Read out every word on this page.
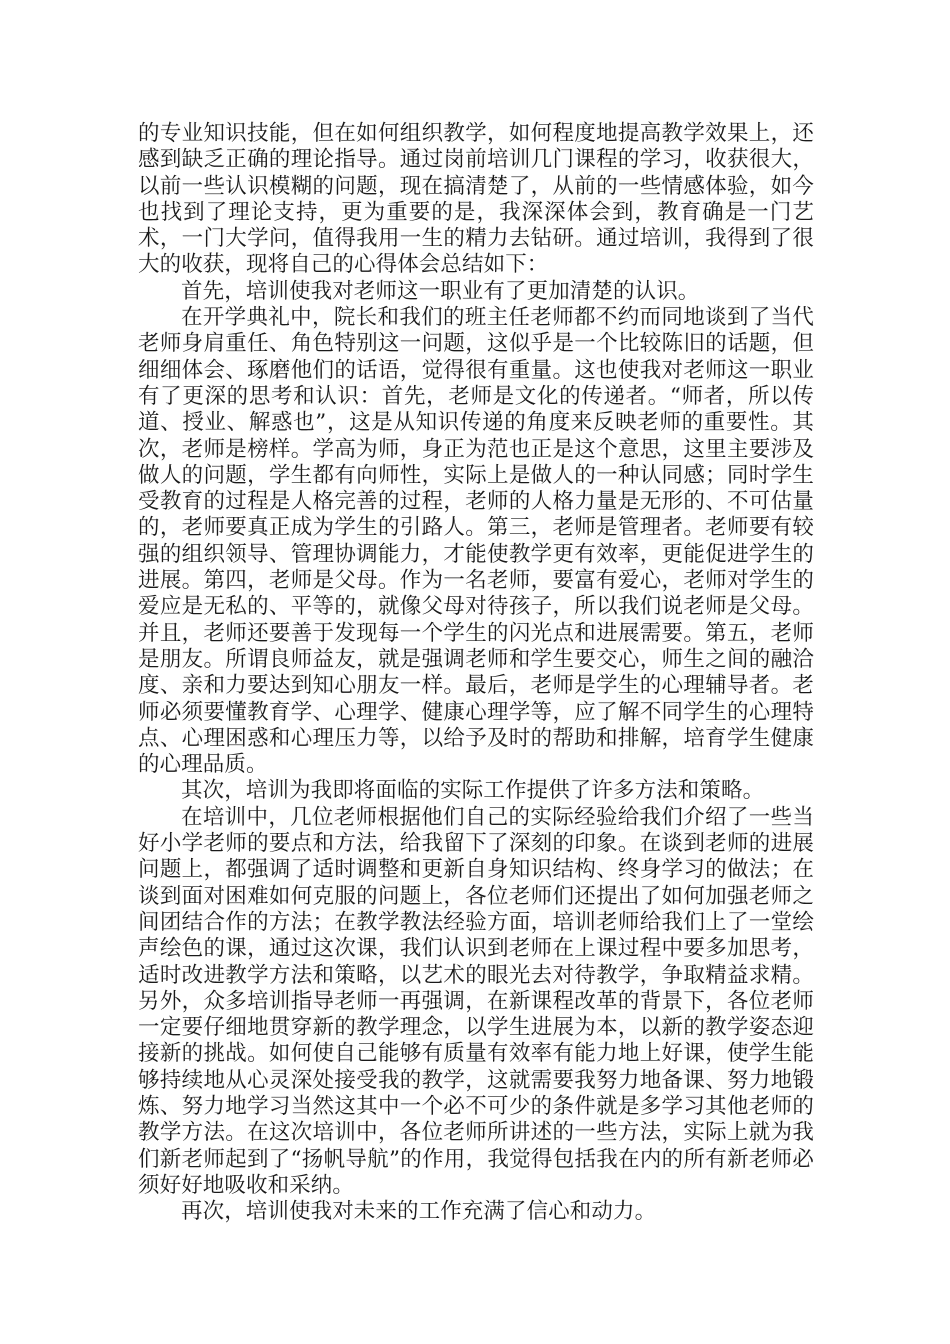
的专业知识技能，但在如何组织教学，如何程度地提高教学效果上，还感到缺乏正确的理论指导。通过岗前培训几门课程的学习，收获很大，以前一些认识模糊的问题，现在搞清楚了，从前的一些情感体验，如今也找到了理论支持，更为重要的是，我深深体会到，教育确是一门艺术，一门大学问，值得我用一生的精力去钻研。通过培训，我得到了很大的收获，现将自己的心得体会总结如下：

首先，培训使我对老师这一职业有了更加清楚的认识。

在开学典礼中，院长和我们的班主任老师都不约而同地谈到了当代老师身肩重任、角色特别这一问题，这似乎是一个比较陈旧的话题，但细细体会、琢磨他们的话语，觉得很有重量。这也使我对老师这一职业有了更深的思考和认识：首先，老师是文化的传递者。“师者，所以传道、授业、解惑也”，这是从知识传递的角度来反映老师的重要性。其次，老师是榜样。学高为师，身正为范也正是这个意思，这里主要涉及做人的问题，学生都有向师性，实际上是做人的一种认同感；同时学生受教育的过程是人格完善的过程，老师的人格力量是无形的、不可估量的，老师要真正成为学生的引路人。第三，老师是管理者。老师要有较强的组织领导、管理协调能力，才能使教学更有效率，更能促进学生的进展。第四，老师是父母。作为一名老师，要富有爱心，老师对学生的爱应是无私的、平等的，就像父母对待孩子，所以我们说老师是父母。并且，老师还要善于发现每一个学生的闪光点和进展需要。第五，老师是朋友。所谓良师益友，就是强调老师和学生要交心，师生之间的融洽度、亲和力要达到知心朋友一样。最后，老师是学生的心理辅导者。老师必须要懂教育学、心理学、健康心理学等，应了解不同学生的心理特点、心理困惑和心理压力等，以给予及时的帮助和排解，培育学生健康的心理品质。

其次，培训为我即将面临的实际工作提供了许多方法和策略。

在培训中，几位老师根据他们自己的实际经验给我们介绍了一些当好小学老师的要点和方法，给我留下了深刻的印象。在谈到老师的进展问题上，都强调了适时调整和更新自身知识结构、终身学习的做法；在谈到面对困难如何克服的问题上，各位老师们还提出了如何加强老师之间团结合作的方法；在教学教法经验方面，培训老师给我们上了一堂绘声绘色的课，通过这次课，我们认识到老师在上课过程中要多加思考，适时改进教学方法和策略，以艺术的眼光去对待教学，争取精益求精。另外，众多培训指导老师一再强调，在新课程改革的背景下，各位老师一定要仔细地贯穿新的教学理念，以学生进展为本，以新的教学姿态迎接新的挑战。如何使自己能够有质量有效率有能力地上好课，使学生能够持续地从心灵深处接受我的教学，这就需要我努力地备课、努力地锻炼、努力地学习当然这其中一个必不可少的条件就是多学习其他老师的教学方法。在这次培训中，各位老师所讲述的一些方法，实际上就为我们新老师起到了“扬帆导航”的作用，我觉得包括我在内的所有新老师必须好好地吸收和采纳。

再次，培训使我对未来的工作充满了信心和动力。
